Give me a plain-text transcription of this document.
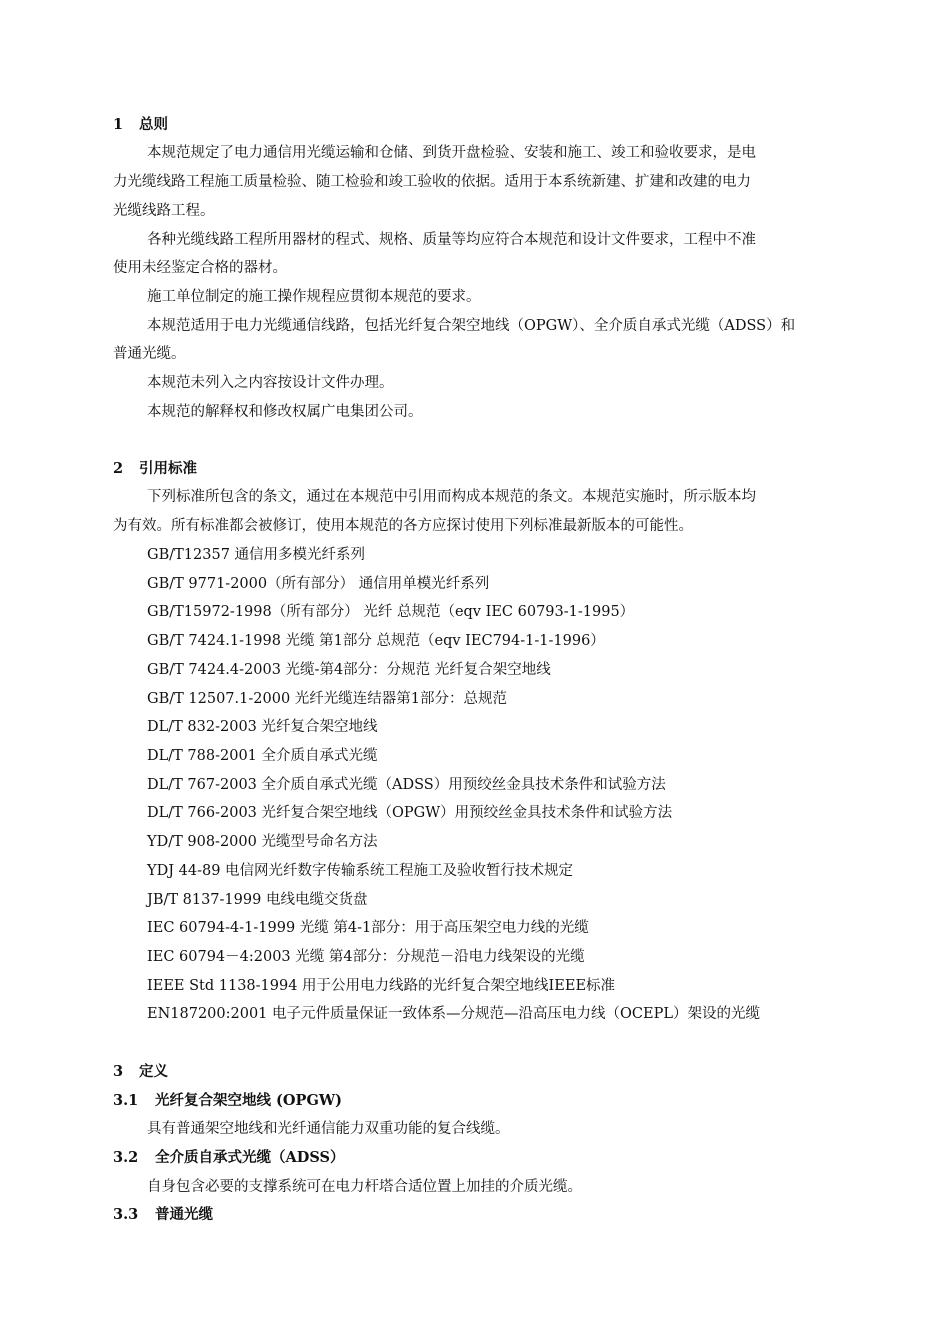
1 总则
本规范规定了电力通信用光缆运输和仓储、到货开盘检验、安装和施工、竣工和验收要求，是电
力光缆线路工程施工质量检验、随工检验和竣工验收的依据。适用于本系统新建、扩建和改建的电力
光缆线路工程。
各种光缆线路工程所用器材的程式、规格、质量等均应符合本规范和设计文件要求，工程中不准
使用未经鉴定合格的器材。
施工单位制定的施工操作规程应贯彻本规范的要求。
本规范适用于电力光缆通信线路，包括光纤复合架空地线（OPGW）、全介质自承式光缆（ADSS）和
普通光缆。
本规范未列入之内容按设计文件办理。
本规范的解释权和修改权属广电集团公司。
2 引用标准
下列标准所包含的条文，通过在本规范中引用而构成本规范的条文。本规范实施时，所示版本均
为有效。所有标准都会被修订，使用本规范的各方应探讨使用下列标准最新版本的可能性。
GB/T12357 通信用多模光纤系列
GB/T 9771-2000（所有部分） 通信用单模光纤系列
GB/T15972-1998（所有部分） 光纤 总规范（eqv IEC 60793-1-1995）
GB/T 7424.1-1998 光缆 第1部分 总规范（eqv IEC794-1-1-1996）
GB/T 7424.4-2003 光缆-第4部分：分规范 光纤复合架空地线
GB/T 12507.1-2000 光纤光缆连结器第1部分：总规范
DL/T 832-2003 光纤复合架空地线
DL/T 788-2001 全介质自承式光缆
DL/T 767-2003 全介质自承式光缆（ADSS）用预绞丝金具技术条件和试验方法
DL/T 766-2003 光纤复合架空地线（OPGW）用预绞丝金具技术条件和试验方法
YD/T 908-2000 光缆型号命名方法
YDJ 44-89 电信网光纤数字传输系统工程施工及验收暂行技术规定
JB/T 8137-1999 电线电缆交货盘
IEC 60794-4-1-1999 光缆 第4-1部分：用于高压架空电力线的光缆
IEC 60794－4:2003 光缆 第4部分：分规范－沿电力线架设的光缆
IEEE Std 1138-1994 用于公用电力线路的光纤复合架空地线IEEE标准
EN187200:2001 电子元件质量保证一致体系—分规范—沿高压电力线（OCEPL）架设的光缆
3 定义
3.1 光纤复合架空地线 (OPGW)
具有普通架空地线和光纤通信能力双重功能的复合线缆。
3.2 全介质自承式光缆（ADSS）
自身包含必要的支撑系统可在电力杆塔合适位置上加挂的介质光缆。
3.3 普通光缆
